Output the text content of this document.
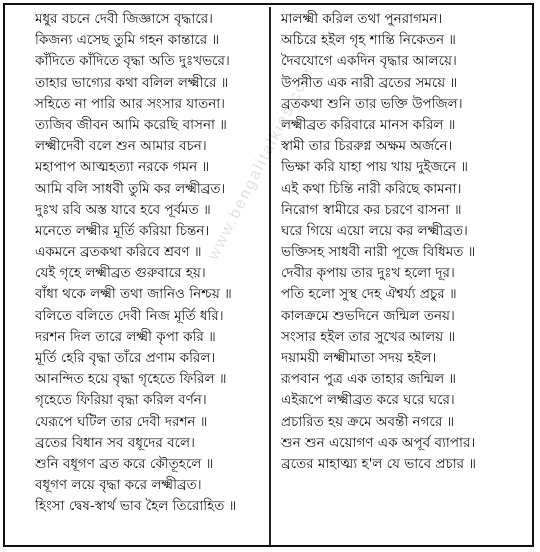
মধুর বচনে দেবী জিজ্ঞাসে বৃদ্ধারে।
কিজন্য এসেছ তুমি গহন কান্তারে ॥
কাঁদিতে কাঁদিতে বৃদ্ধা অতি দুঃখভরে।
তাহার ভাগ্যের কথা বলিল লক্ষ্মীরে ॥
সহিতে না পারি আর সংসার যাতনা।
ত্যজিব জীবন আমি করেছি বাসনা ॥
লক্ষ্মীদেবী বলে শুন আমার বচন।
মহাপাপ আত্মহত্যা নরকে গমন ॥
আমি বলি সাধবী তুমি কর লক্ষ্মীব্রত।
দুঃখ রবি অস্ত যাবে হবে পূর্বমত ॥
মনেতে লক্ষ্মীর মূর্তি করিয়া চিন্তন।
একমনে ব্রতকথা করিবে শ্রবণ ॥
যেই গৃহে লক্ষ্মীব্রত গুরুবারে হয়।
বাঁধা থকে লক্ষ্মী তথা জানিও নিশ্চয় ॥
বলিতে বলিতে দেবী নিজ মূর্তি ধরি।
দরশন দিল তারে লক্ষ্মী কৃপা করি ॥
মূর্তি হেরি বৃদ্ধা তাঁরে প্রণাম করিল।
আনন্দিত হয়ে বৃদ্ধা গৃহেতে ফিরিল ॥
গৃহেতে ফিরিয়া বৃদ্ধা করিল বর্ণন।
যেরূপে ঘটিল তার দেবী দরশন ॥
ব্রতের বিধান সব বধূদের বলে।
শুনি বধূগণ ব্রত করে কৌতূহলে ॥
বধূগণ লয়ে বৃদ্ধা করে লক্ষ্মীব্রত।
হিংসা দ্বেষ-স্বার্থ ভাব হৈল তিরোহিত ॥
মালক্ষ্মী করিল তথা পুনরাগমন।
অচিরে হইল গৃহ শান্তি নিকেতন ॥
দৈবযোগে একদিন বৃদ্ধার আলয়ে।
উপনীত এক নারী ব্রতের সময়ে ॥
ব্রতকথা শুনি তার ভক্তি উপজিল।
লক্ষ্মীব্রত করিবারে মানস করিল ॥
স্বামী তার চিররুগ্ন অক্ষম অর্জনে।
ভিক্ষা করি যাহা পায় খায় দুইজনে ॥
এই কথা চিন্তি নারী করিছে কামনা।
নিরোগ স্বামীরে কর চরণে বাসনা ॥
ঘরে গিয়ে এয়ো লয়ে কর লক্ষ্মীব্রত।
ভক্তিসহ সাধবী নারী পূজে বিধিমত ॥
দেবীর কৃপায় তার দুঃখ হলো দূর।
পতি হলো সুস্থ দেহ ঐশ্বর্য্য প্রচুর ॥
কালক্রমে শুভদিনে জন্মিল তনয়।
সংসার হইল তার সুখের আলয় ॥
দয়াময়ী লক্ষ্মীমাতা সদয় হইল।
রূপবান পুত্র এক তাহার জন্মিল ॥
এইরূপে লক্ষ্মীব্রত করে ঘরে ঘরে।
প্রচারিত হয় ক্রমে অবন্তী নগরে ॥
শুন শুন এয়োগণ এক অপূর্ব ব্যাপার।
ব্রতের মাহাত্ম্য হ'ল যে ভাবে প্রচার ॥
www.bengalitalkies.com
